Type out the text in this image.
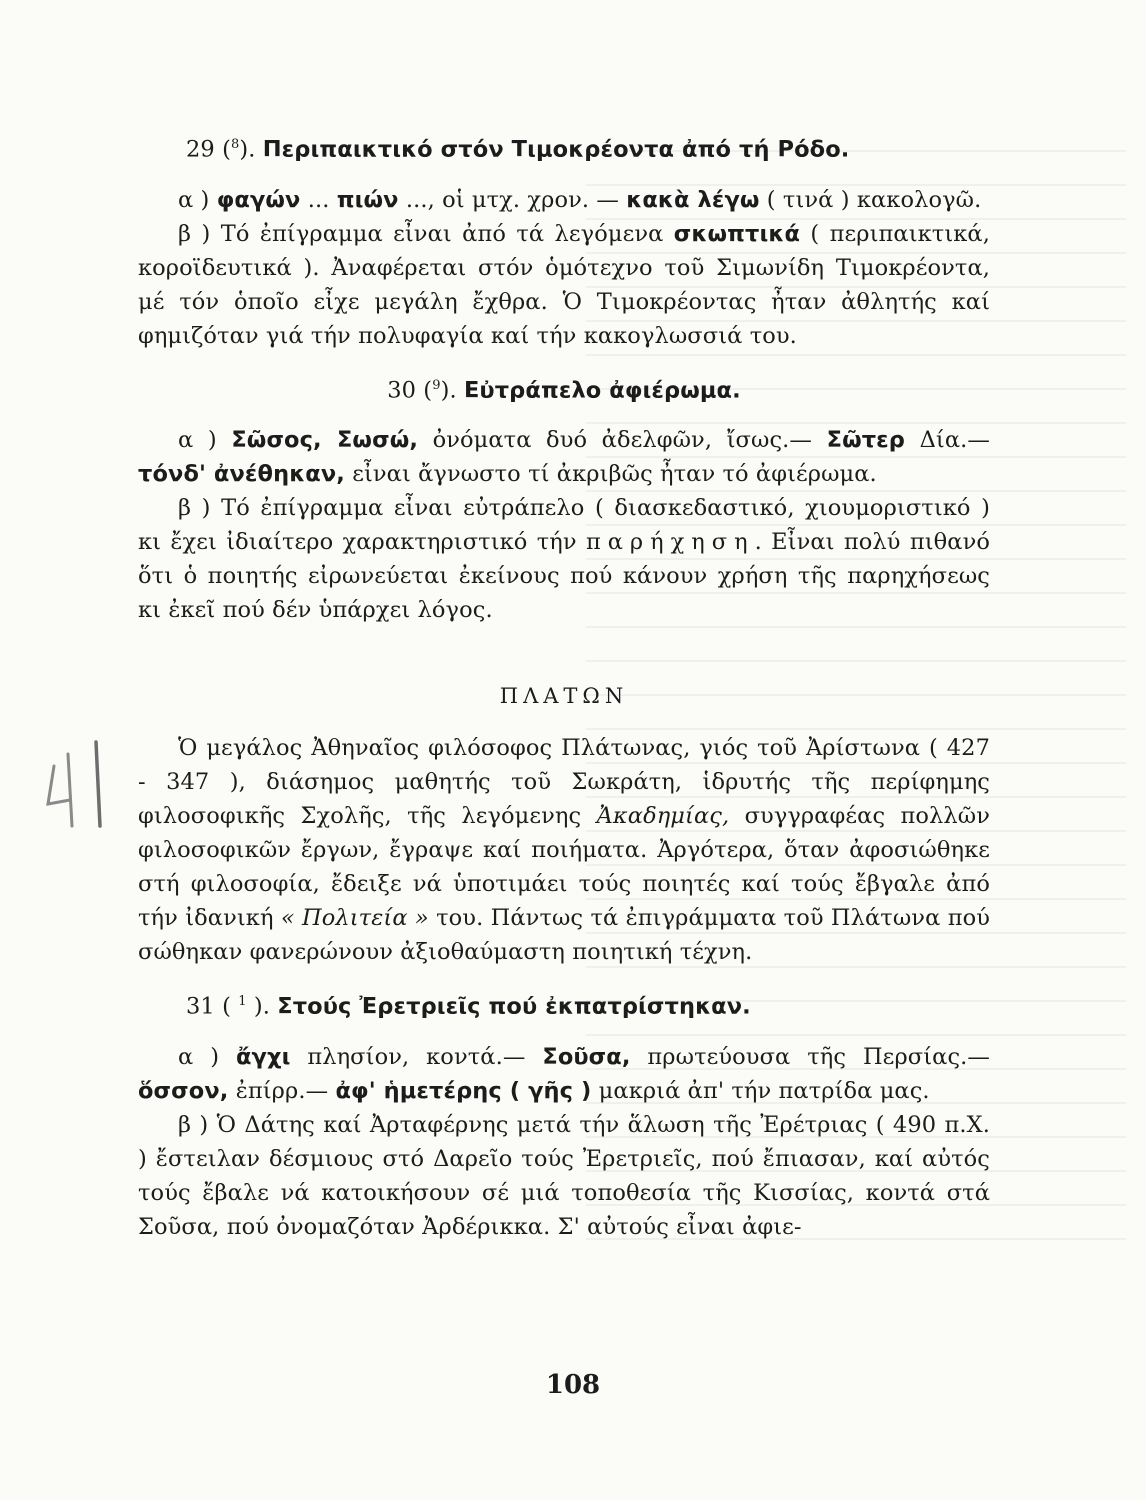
29 ($^8$). Περιπαικτικό στόν Τιμοκρέοντα ἀπό τή Ρόδο.

α ) φαγών ... πιών ..., οἱ μτχ. χρον. — κακὰ λέγω ( τινά ) κακολογῶ.

β ) Τό ἐπίγραμμα εἶναι ἀπό τά λεγόμενα σκωπτικά ( περιπαικτικά, κοροϊδευτικά ). Ἀναφέρεται στόν ὁμότεχνο τοῦ Σιμωνίδη Τιμοκρέοντα, μέ τόν ὁποῖο εἶχε μεγάλη ἔχθρα. Ὁ Τιμοκρέοντας ἦταν ἀθλητής καί φημιζόταν γιά τήν πολυφαγία καί τήν κακογλωσσιά του.

30 ($^9$). Εὐτράπελο ἀφιέρωμα.

α ) Σῶσος, Σωσώ, ὀνόματα δυό ἀδελφῶν, ἴσως.— Σῶτερ Δία.— τόνδ' ἀνέθηκαν, εἶναι ἄγνωστο τί ἀκριβῶς ἦταν τό ἀφιέρωμα.

β ) Τό ἐπίγραμμα εἶναι εὐτράπελο ( διασκεδαστικό, χιουμοριστικό ) κι ἔχει ἰδιαίτερο χαρακτηριστικό τήν παρήχηση. Εἶναι πολύ πιθανό ὅτι ὁ ποιητής εἰρωνεύεται ἐκείνους πού κάνουν χρήση τῆς παρηχήσεως κι ἐκεῖ πού δέν ὑπάρχει λόγος.

ΠΛΑΤΩΝ

Ὁ μεγάλος Ἀθηναῖος φιλόσοφος Πλάτωνας, γιός τοῦ Ἀρίστωνα ( 427 - 347 ), διάσημος μαθητής τοῦ Σωκράτη, ἱδρυτής τῆς περίφημης φιλοσοφικῆς Σχολῆς, τῆς λεγόμενης Ἀκαδημίας, συγγραφέας πολλῶν φιλοσοφικῶν ἔργων, ἔγραψε καί ποιήματα. Ἀργότερα, ὅταν ἀφοσιώθηκε στή φιλοσοφία, ἔδειξε νά ὑποτιμάει τούς ποιητές καί τούς ἔβγαλε ἀπό τήν ἰδανική « Πολιτεία » του. Πάντως τά ἐπιγράμματα τοῦ Πλάτωνα πού σώθηκαν φανερώνουν ἀξιοθαύμαστη ποιητική τέχνη.

31 ( $^1$ ). Στούς Ἐρετριεῖς πού ἐκπατρίστηκαν.

α ) ἄγχι πλησίον, κοντά.— Σοῦσα, πρωτεύουσα τῆς Περσίας.— ὅσσον, ἐπίρρ.— ἀφ' ἡμετέρης ( γῆς ) μακριά ἀπ' τήν πατρίδα μας.

β ) Ὁ Δάτης καί Ἀρταφέρνης μετά τήν ἅλωση τῆς Ἐρέτριας ( 490 π.Χ. ) ἔστειλαν δέσμιους στό Δαρεῖο τούς Ἐρετριεῖς, πού ἔπιασαν, καί αὐτός τούς ἔβαλε νά κατοικήσουν σέ μιά τοποθεσία τῆς Κισσίας, κοντά στά Σοῦσα, πού ὀνομαζόταν Ἀρδέρικκα. Σ' αὐτούς εἶναι ἀφιε-

108
